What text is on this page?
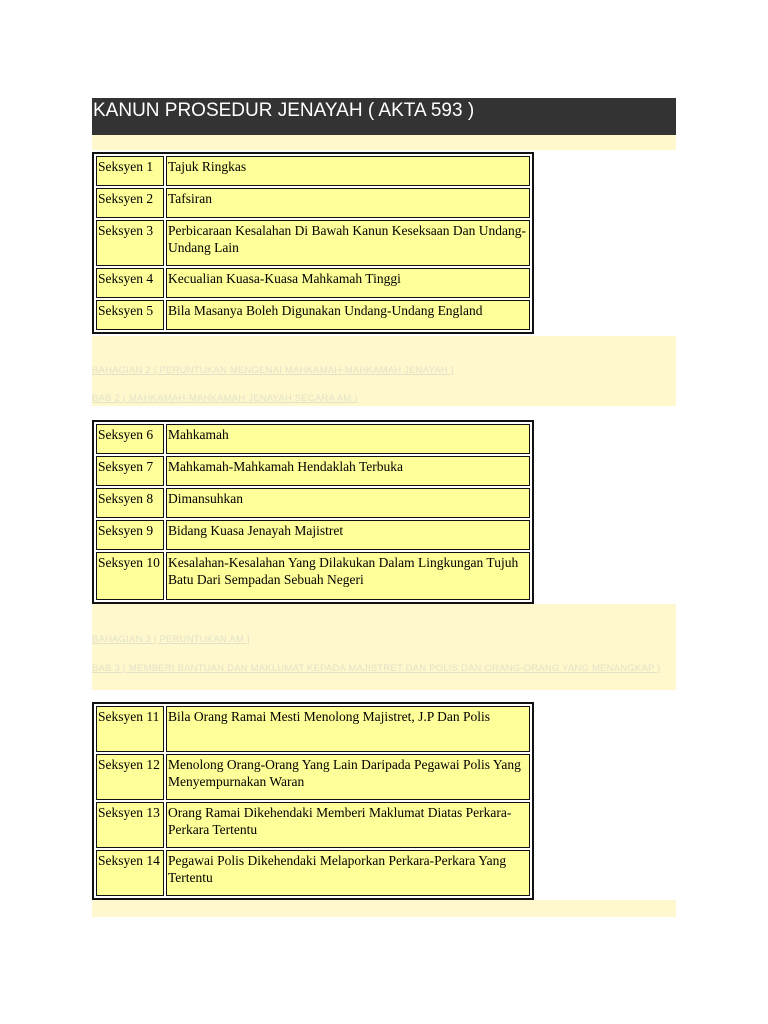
KANUN PROSEDUR JENAYAH ( AKTA 593 )
Seksyen 1	Tajuk Ringkas
Seksyen 2	Tafsiran
Seksyen 3	Perbicaraan Kesalahan Di Bawah Kanun Keseksaan Dan Undang-Undang Lain
Seksyen 4	Kecualian Kuasa-Kuasa Mahkamah Tinggi
Seksyen 5	Bila Masanya Boleh Digunakan Undang-Undang England
BAHAGIAN 2 [ PERUNTUKAN MENGENAI MAHKAMAH-MAHKAMAH JENAYAH ]
BAB 2 ( MAHKAMAH-MAHKAMAH JENAYAH SECARA AM )
Seksyen 6	Mahkamah
Seksyen 7	Mahkamah-Mahkamah Hendaklah Terbuka
Seksyen 8	Dimansuhkan
Seksyen 9	Bidang Kuasa Jenayah Majistret
Seksyen 10	Kesalahan-Kesalahan Yang Dilakukan Dalam Lingkungan Tujuh Batu Dari Sempadan Sebuah Negeri
BAHAGIAN 3 [ PERUNTUKAN AM ]
BAB 3 ( MEMBERI BANTUAN DAN MAKLUMAT KEPADA MAJISTRET DAN POLIS DAN ORANG-ORANG YANG MENANGKAP )
Seksyen 11	Bila Orang Ramai Mesti Menolong Majistret, J.P Dan Polis
Seksyen 12	Menolong Orang-Orang Yang Lain Daripada Pegawai Polis Yang Menyempurnakan Waran
Seksyen 13	Orang Ramai Dikehendaki Memberi Maklumat Diatas Perkara-Perkara Tertentu
Seksyen 14	Pegawai Polis Dikehendaki Melaporkan Perkara-Perkara Yang Tertentu
